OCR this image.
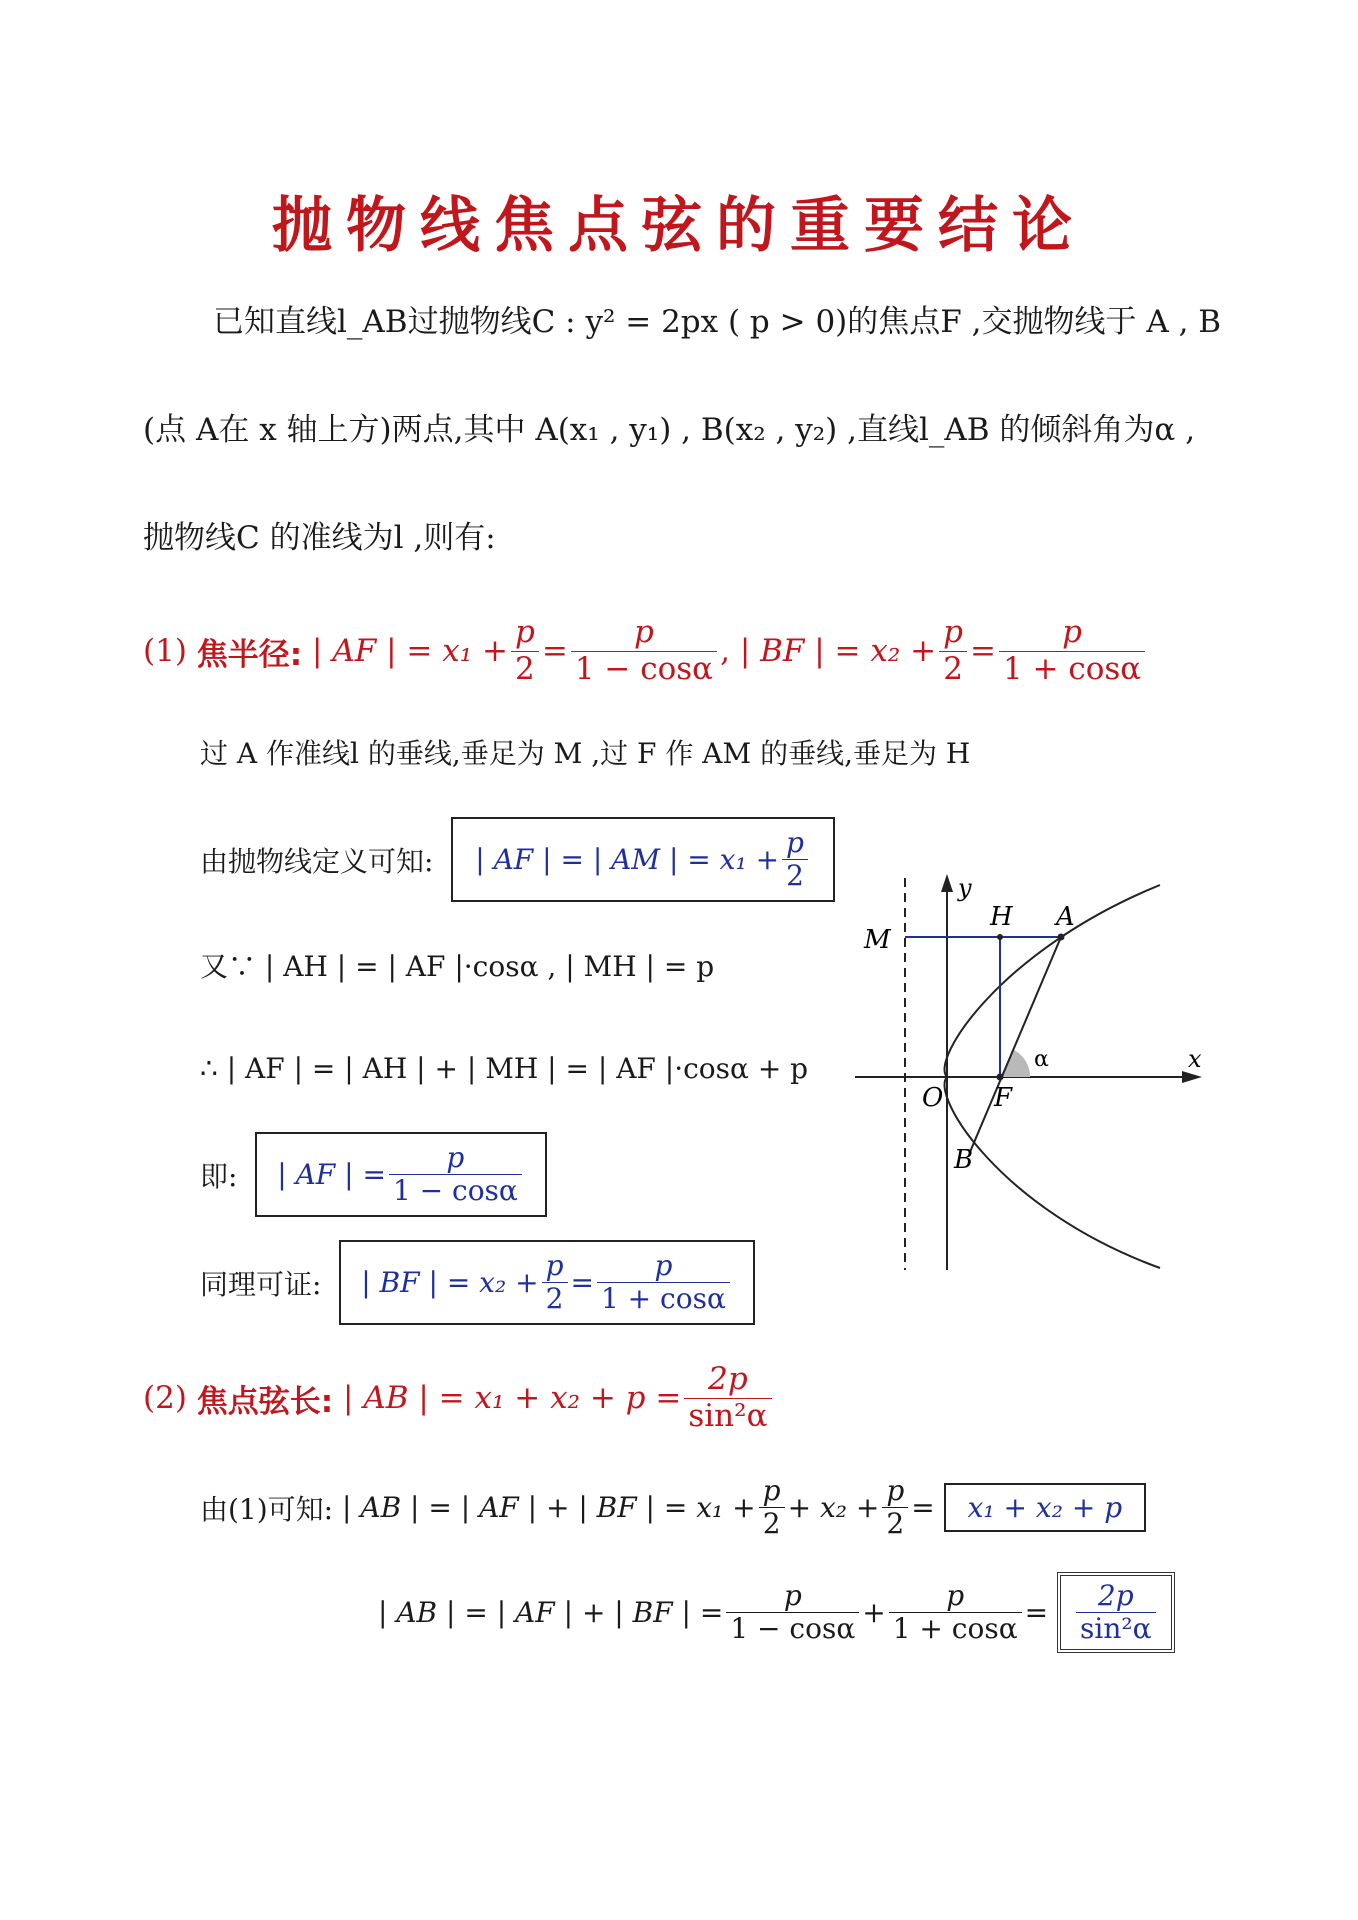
抛物线焦点弦的重要结论
已知直线l_AB过抛物线C : y² = 2px ( p > 0)的焦点F ,交抛物线于 A , B
(点 A在 x 轴上方)两点,其中 A(x₁ , y₁) , B(x₂ , y₂) ,直线l_AB 的倾斜角为α ,
抛物线C 的准线为l ,则有:
(1)
焦半径:
| AF | = $x_1 + \frac{p}{2} = \frac{p}{1 - \cos\alpha}$ ,
| BF | = $x_2 + \frac{p}{2} = \frac{p}{1 + \cos\alpha}$
过 A 作准线l 的垂线,垂足为 M ,过 F 作 AM 的垂线,垂足为 H
由抛物线定义可知:
| AF | = | AM | = $x_1 + \frac{p}{2}$
又∵ | AH | = | AF |·cosα , | MH | = p
∴ | AF | = | AH | + | MH | = | AF |·cosα + p
即:
| AF | = $\frac{p}{1 - \cos\alpha}$
同理可证:
| BF | = $x_2 + \frac{p}{2} = \frac{p}{1 + \cos\alpha}$
(2)
焦点弦长:
| AB | = $x_1 + x_2 + p = \frac{2p}{\text{sin²α}}$
由(1)可知:
| AB | = | AF | + | BF | = $x_1 + \frac{p}{2} + x_2 + \frac{p}{2}$ =
	x₁ + x₂ + p
| AB | = | AF | + | BF | = $\frac{p}{1 - \cos\alpha} + \frac{p}{1 + \cos\alpha}$ =
$\frac{2p}{\text{sin²α}}$
y
x
M
H A
O F
B
α
